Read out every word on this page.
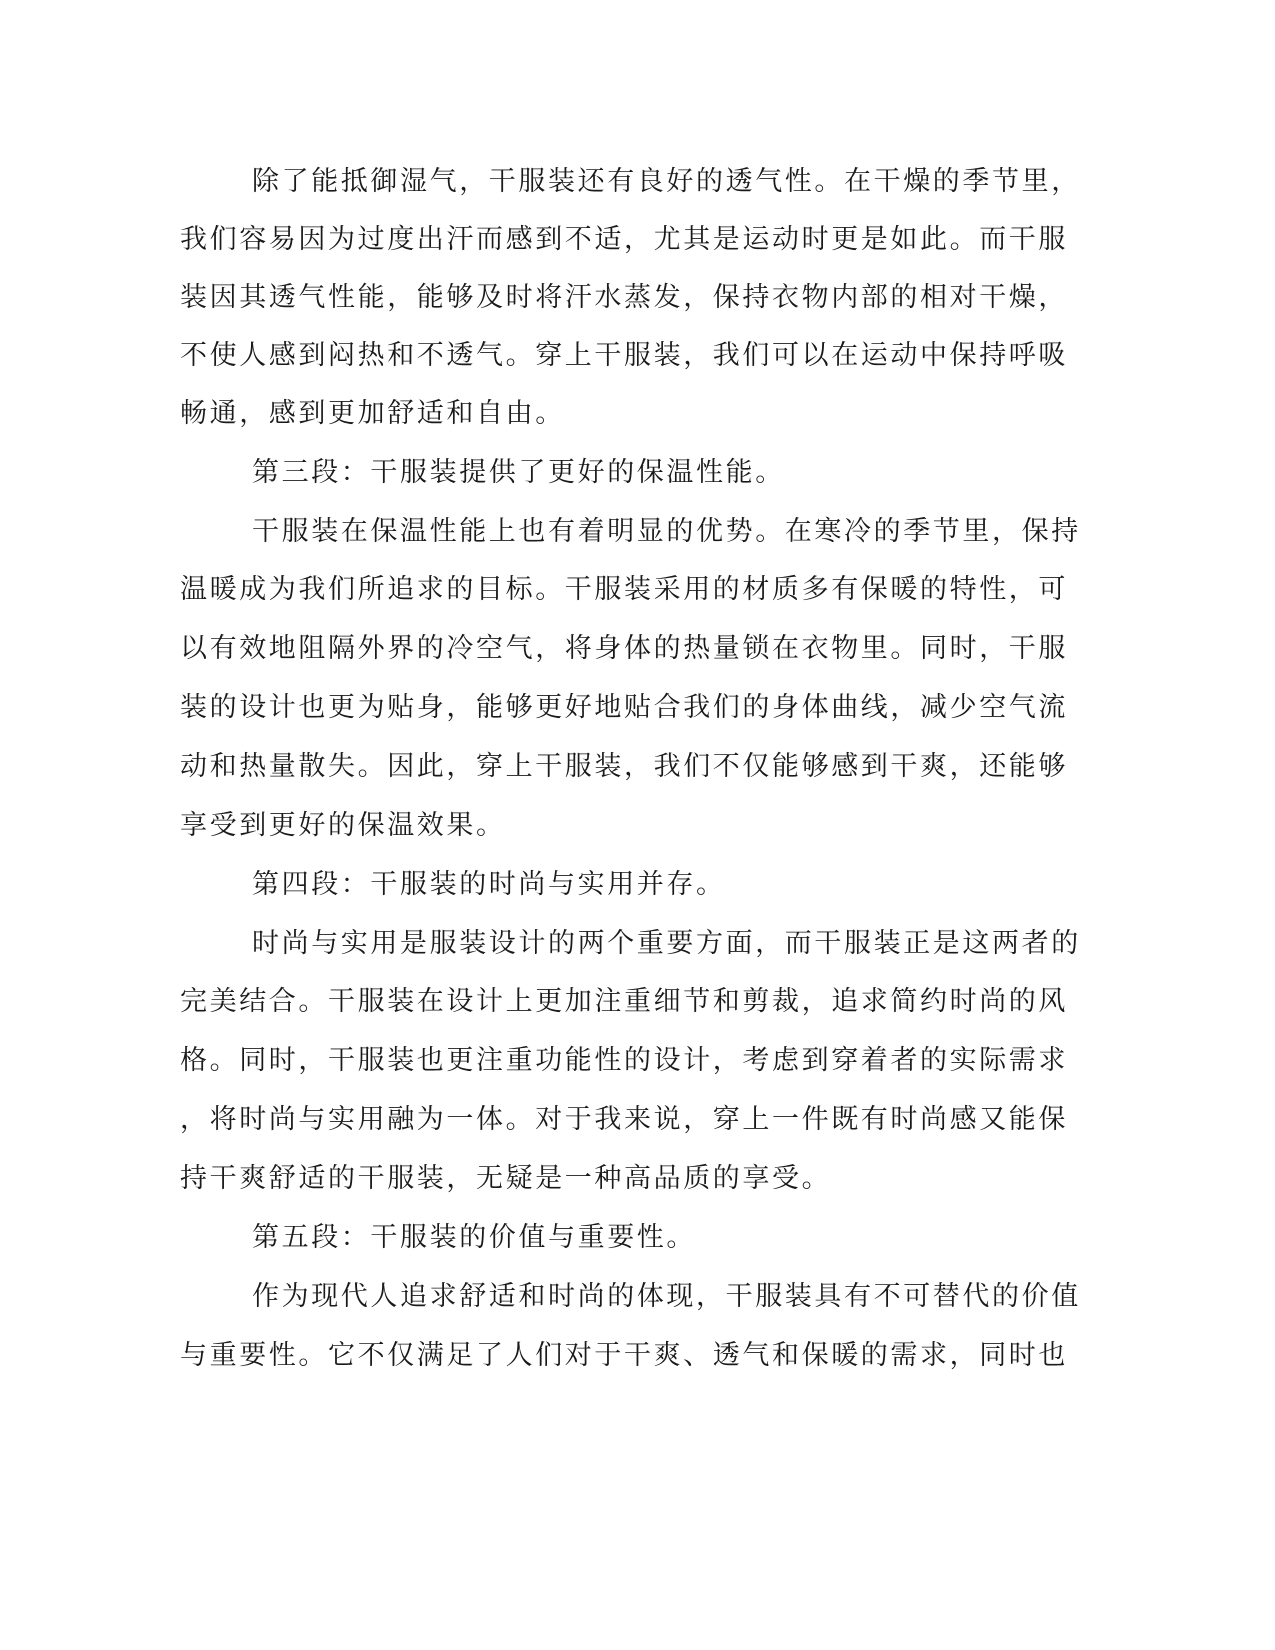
除了能抵御湿气，干服装还有良好的透气性。在干燥的季节里，
我们容易因为过度出汗而感到不适，尤其是运动时更是如此。而干服
装因其透气性能，能够及时将汗水蒸发，保持衣物内部的相对干燥，
不使人感到闷热和不透气。穿上干服装，我们可以在运动中保持呼吸
畅通，感到更加舒适和自由。
第三段：干服装提供了更好的保温性能。
干服装在保温性能上也有着明显的优势。在寒冷的季节里，保持
温暖成为我们所追求的目标。干服装采用的材质多有保暖的特性，可
以有效地阻隔外界的冷空气，将身体的热量锁在衣物里。同时，干服
装的设计也更为贴身，能够更好地贴合我们的身体曲线，减少空气流
动和热量散失。因此，穿上干服装，我们不仅能够感到干爽，还能够
享受到更好的保温效果。
第四段：干服装的时尚与实用并存。
时尚与实用是服装设计的两个重要方面，而干服装正是这两者的
完美结合。干服装在设计上更加注重细节和剪裁，追求简约时尚的风
格。同时，干服装也更注重功能性的设计，考虑到穿着者的实际需求
，将时尚与实用融为一体。对于我来说，穿上一件既有时尚感又能保
持干爽舒适的干服装，无疑是一种高品质的享受。
第五段：干服装的价值与重要性。
作为现代人追求舒适和时尚的体现，干服装具有不可替代的价值
与重要性。它不仅满足了人们对于干爽、透气和保暖的需求，同时也
